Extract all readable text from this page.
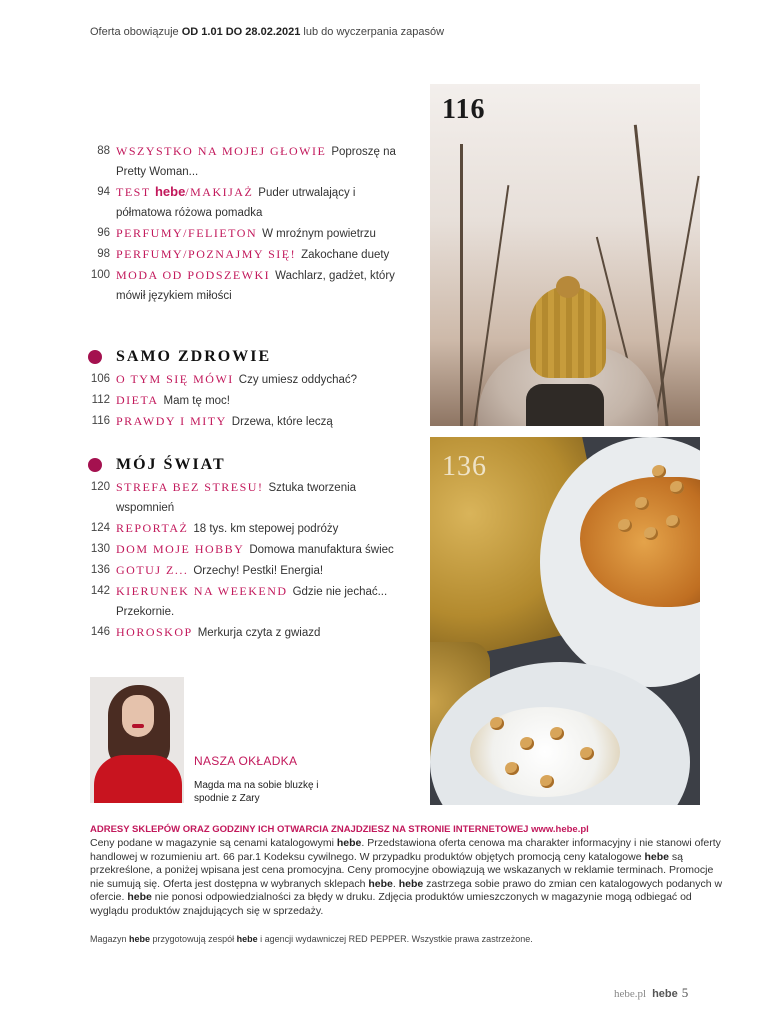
Oferta obowiązuje OD 1.01 DO 28.02.2021 lub do wyczerpania zapasów
88 WSZYSTKO NA MOJEJ GŁOWIE Poproszę na Pretty Woman...
94 TEST hebe/MAKIJAŻ Puder utrwalający i półmatowa różowa pomadka
96 PERFUMY/FELIETON W mroźnym powietrzu
98 PERFUMY/POZNAJMY SIĘ! Zakochane duety
100 MODA OD PODSZEWKI Wachlarz, gadżet, który mówił językiem miłości
SAMO ZDROWIE
106 O TYM SIĘ MÓWI Czy umiesz oddychać?
112 DIETA Mam tę moc!
116 PRAWDY I MITY Drzewa, które leczą
MÓJ ŚWIAT
120 STREFA BEZ STRESU! Sztuka tworzenia wspomnień
124 REPORTAŻ 18 tys. km stepowej podróży
130 DOM MOJE HOBBY Domowa manufaktura świec
136 GOTUJ Z... Orzechy! Pestki! Energia!
142 KIERUNEK NA WEEKEND Gdzie nie jechać... Przekornie.
146 HOROSKOP Merkurja czyta z gwiazd
116
136
NASZA OKŁADKA
Magda ma na sobie bluzkę i spodnie z Zary
ADRESY SKLEPÓW ORAZ GODZINY ICH OTWARCIA ZNAJDZIESZ NA STRONIE INTERNETOWEJ www.hebe.pl
Ceny podane w magazynie są cenami katalogowymi hebe. Przedstawiona oferta cenowa ma charakter informacyjny i nie stanowi oferty handlowej w rozumieniu art. 66 par.1 Kodeksu cywilnego. W przypadku produktów objętych promocją ceny katalogowe hebe są przekreślone, a poniżej wpisana jest cena promocyjna. Ceny promocyjne obowiązują we wskazanych w reklamie terminach. Promocje nie sumują się. Oferta jest dostępna w wybranych sklepach hebe. hebe zastrzega sobie prawo do zmian cen katalogowych podanych w ofercie. hebe nie ponosi odpowiedzialności za błędy w druku. Zdjęcia produktów umieszczonych w magazynie mogą odbiegać od wyglądu produktów znajdujących się w sprzedaży.
Magazyn hebe przygotowują zespół hebe i agencji wydawniczej RED PEPPER. Wszystkie prawa zastrzeżone.
hebe.pl hebe 5
